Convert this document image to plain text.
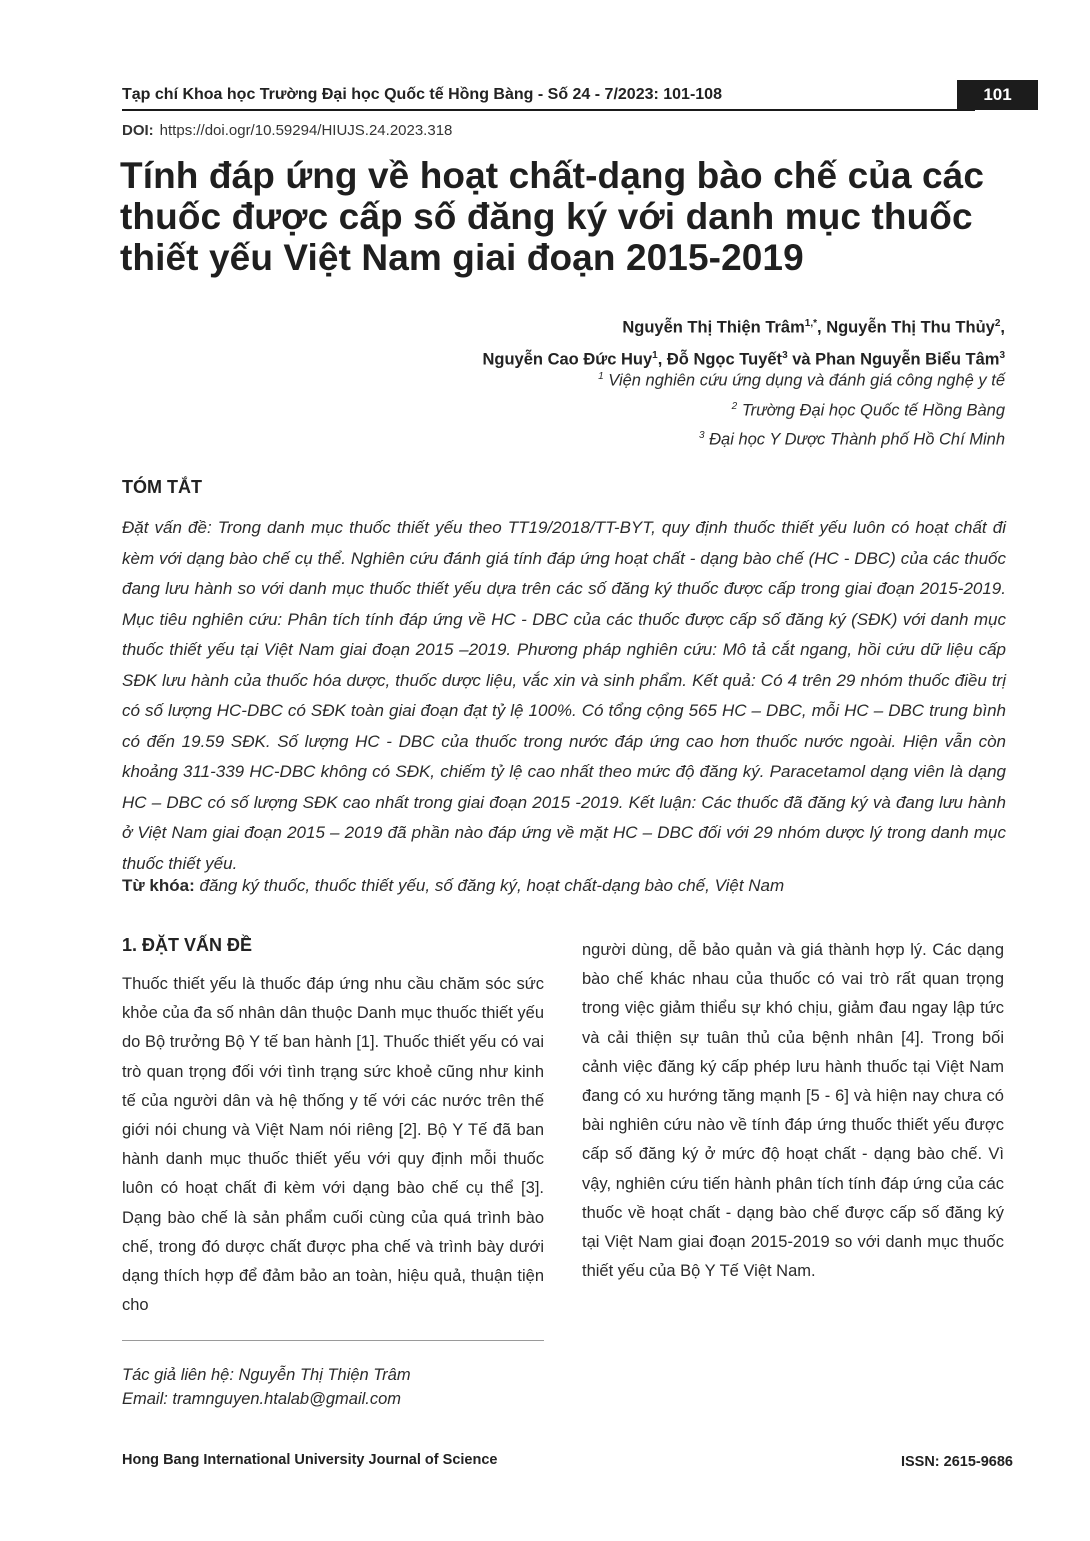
Tạp chí Khoa học Trường Đại học Quốc tế Hồng Bàng - Số 24 - 7/2023: 101-108	101
DOI: https://doi.ogr/10.59294/HIUJS.24.2023.318
Tính đáp ứng về hoạt chất-dạng bào chế của các thuốc được cấp số đăng ký với danh mục thuốc thiết yếu Việt Nam giai đoạn 2015-2019
Nguyễn Thị Thiện Trâm$^{1,*}$, Nguyễn Thị Thu Thủy$^2$,
Nguyễn Cao Đức Huy$^1$, Đỗ Ngọc Tuyết$^3$ và Phan Nguyễn Biểu Tâm$^3$
$^1$ Viện nghiên cứu ứng dụng và đánh giá công nghệ y tế
$^2$ Trường Đại học Quốc tế Hồng Bàng
$^3$ Đại học Y Dược Thành phố Hồ Chí Minh
TÓM TẮT
Đặt vấn đề: Trong danh mục thuốc thiết yếu theo TT19/2018/TT-BYT, quy định thuốc thiết yếu luôn có hoạt chất đi kèm với dạng bào chế cụ thể. Nghiên cứu đánh giá tính đáp ứng hoạt chất - dạng bào chế (HC - DBC) của các thuốc đang lưu hành so với danh mục thuốc thiết yếu dựa trên các số đăng ký thuốc được cấp trong giai đoạn 2015-2019. Mục tiêu nghiên cứu: Phân tích tính đáp ứng về HC - DBC của các thuốc được cấp số đăng ký (SĐK) với danh mục thuốc thiết yếu tại Việt Nam giai đoạn 2015 –2019. Phương pháp nghiên cứu: Mô tả cắt ngang, hồi cứu dữ liệu cấp SĐK lưu hành của thuốc hóa dược, thuốc dược liệu, vắc xin và sinh phẩm. Kết quả: Có 4 trên 29 nhóm thuốc điều trị có số lượng HC-DBC có SĐK toàn giai đoạn đạt tỷ lệ 100%. Có tổng cộng 565 HC – DBC, mỗi HC – DBC trung bình có đến 19.59 SĐK. Số lượng HC - DBC của thuốc trong nước đáp ứng cao hơn thuốc nước ngoài. Hiện vẫn còn khoảng 311-339 HC-DBC không có SĐK, chiếm tỷ lệ cao nhất theo mức độ đăng ký. Paracetamol dạng viên là dạng HC – DBC có số lượng SĐK cao nhất trong giai đoạn 2015 -2019. Kết luận: Các thuốc đã đăng ký và đang lưu hành ở Việt Nam giai đoạn 2015 – 2019 đã phần nào đáp ứng về mặt HC – DBC đối với 29 nhóm dược lý trong danh mục thuốc thiết yếu.
Từ khóa: đăng ký thuốc, thuốc thiết yếu, số đăng ký, hoạt chất-dạng bào chế, Việt Nam
1. ĐẶT VẤN ĐỀ
Thuốc thiết yếu là thuốc đáp ứng nhu cầu chăm sóc sức khỏe của đa số nhân dân thuộc Danh mục thuốc thiết yếu do Bộ trưởng Bộ Y tế ban hành [1]. Thuốc thiết yếu có vai trò quan trọng đối với tình trạng sức khoẻ cũng như kinh tế của người dân và hệ thống y tế với các nước trên thế giới nói chung và Việt Nam nói riêng [2]. Bộ Y Tế đã ban hành danh mục thuốc thiết yếu với quy định mỗi thuốc luôn có hoạt chất đi kèm với dạng bào chế cụ thể [3]. Dạng bào chế là sản phẩm cuối cùng của quá trình bào chế, trong đó dược chất được pha chế và trình bày dưới dạng thích hợp để đảm bảo an toàn, hiệu quả, thuận tiện cho
người dùng, dễ bảo quản và giá thành hợp lý. Các dạng bào chế khác nhau của thuốc có vai trò rất quan trọng trong việc giảm thiểu sự khó chịu, giảm đau ngay lập tức và cải thiện sự tuân thủ của bệnh nhân [4]. Trong bối cảnh việc đăng ký cấp phép lưu hành thuốc tại Việt Nam đang có xu hướng tăng mạnh [5 - 6] và hiện nay chưa có bài nghiên cứu nào về tính đáp ứng thuốc thiết yếu được cấp số đăng ký ở mức độ hoạt chất - dạng bào chế. Vì vậy, nghiên cứu tiến hành phân tích tính đáp ứng của các thuốc về hoạt chất - dạng bào chế được cấp số đăng ký tại Việt Nam giai đoạn 2015-2019 so với danh mục thuốc thiết yếu của Bộ Y Tế Việt Nam.
Tác giả liên hệ: Nguyễn Thị Thiện Trâm
Email: tramnguyen.htalab@gmail.com
Hong Bang International University Journal of Science	ISSN: 2615-9686
